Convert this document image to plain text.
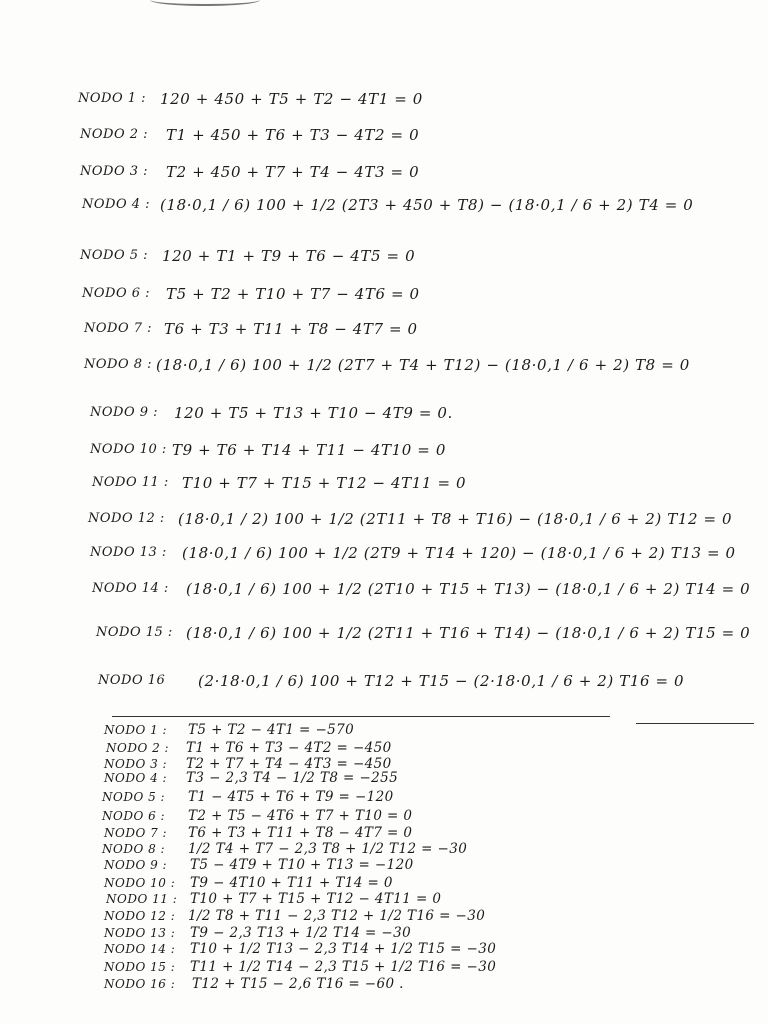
NODO 1 : 120 + 450 + T5 + T2 − 4T1 = 0
NODO 2 : T1 + 450 + T6 + T3 − 4T2 = 0
NODO 3 : T2 + 450 + T7 + T4 − 4T3 = 0
NODO 4 : (18·0,1 / 6) 100 + 1/2 (2T3 + 450 + T8) − (18·0,1 / 6 + 2) T4 = 0
NODO 5 : 120 + T1 + T9 + T6 − 4T5 = 0
NODO 6 : T5 + T2 + T10 + T7 − 4T6 = 0
NODO 7 : T6 + T3 + T11 + T8 − 4T7 = 0
NODO 8 : (18·0,1 / 6) 100 + 1/2 (2T7 + T4 + T12) − (18·0,1 / 6 + 2) T8 = 0
NODO 9 : 120 + T5 + T13 + T10 − 4T9 = 0.
NODO 10 : T9 + T6 + T14 + T11 − 4T10 = 0
NODO 11 : T10 + T7 + T15 + T12 − 4T11 = 0
NODO 12 : (18·0,1 / 2) 100 + 1/2 (2T11 + T8 + T16) − (18·0,1 / 6 + 2) T12 = 0
NODO 13 : (18·0,1 / 6) 100 + 1/2 (2T9 + T14 + 120) − (18·0,1 / 6 + 2) T13 = 0
NODO 14 : (18·0,1 / 6) 100 + 1/2 (2T10 + T15 + T13) − (18·0,1 / 6 + 2) T14 = 0
NODO 15 : (18·0,1 / 6) 100 + 1/2 (2T11 + T16 + T14) − (18·0,1 / 6 + 2) T15 = 0
NODO 16 (2·18·0,1 / 6) 100 + T12 + T15 − (2·18·0,1 / 6 + 2) T16 = 0
NODO 1 : T5 + T2 − 4T1 = −570
NODO 2 : T1 + T6 + T3 − 4T2 = −450
NODO 3 : T2 + T7 + T4 − 4T3 = −450
NODO 4 : T3 − 2,3 T4 − 1/2 T8 = −255
NODO 5 : T1 − 4T5 + T6 + T9 = −120
NODO 6 : T2 + T5 − 4T6 + T7 + T10 = 0
NODO 7 : T6 + T3 + T11 + T8 − 4T7 = 0
NODO 8 : 1/2 T4 + T7 − 2,3 T8 + 1/2 T12 = −30
NODO 9 : T5 − 4T9 + T10 + T13 = −120
NODO 10 : T9 − 4T10 + T11 + T14 = 0
NODO 11 : T10 + T7 + T15 + T12 − 4T11 = 0
NODO 12 : 1/2 T8 + T11 − 2,3 T12 + 1/2 T16 = −30
NODO 13 : T9 − 2,3 T13 + 1/2 T14 = −30
NODO 14 : T10 + 1/2 T13 − 2,3 T14 + 1/2 T15 = −30
NODO 15 : T11 + 1/2 T14 − 2,3 T15 + 1/2 T16 = −30
NODO 16 : T12 + T15 − 2,6 T16 = −60 .
